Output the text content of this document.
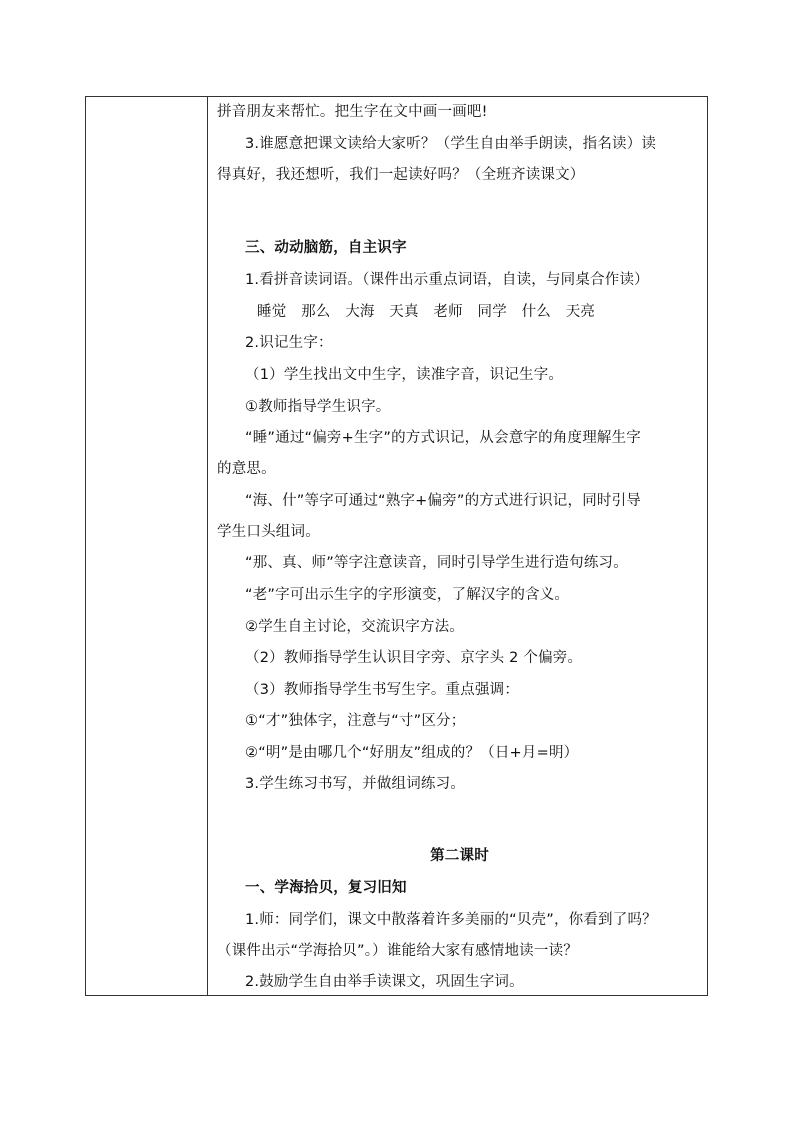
拼音朋友来帮忙。把生字在文中画一画吧!
3.谁愿意把课文读给大家听？（学生自由举手朗读，指名读）读
得真好，我还想听，我们一起读好吗？（全班齐读课文）
三、动动脑筋，自主识字
1.看拼音读词语。（课件出示重点词语，自读，与同桌合作读）
睡觉　那么　大海　天真　老师　同学　什么　天亮
2.识记生字：
（1）学生找出文中生字，读准字音，识记生字。
①教师指导学生识字。
“睡”通过“偏旁+生字”的方式识记，从会意字的角度理解生字
的意思。
“海、什”等字可通过“熟字+偏旁”的方式进行识记，同时引导
学生口头组词。
“那、真、师”等字注意读音，同时引导学生进行造句练习。
“老”字可出示生字的字形演变，了解汉字的含义。
②学生自主讨论，交流识字方法。
（2）教师指导学生认识目字旁、京字头 2 个偏旁。
（3）教师指导学生书写生字。重点强调：
①“才”独体字，注意与“寸”区分；
②“明”是由哪几个“好朋友”组成的？（日+月=明）
3.学生练习书写，并做组词练习。
第二课时
一、学海拾贝，复习旧知
1.师：同学们，课文中散落着许多美丽的“贝壳”，你看到了吗？
（课件出示“学海拾贝”。）谁能给大家有感情地读一读？
2.鼓励学生自由举手读课文，巩固生字词。
